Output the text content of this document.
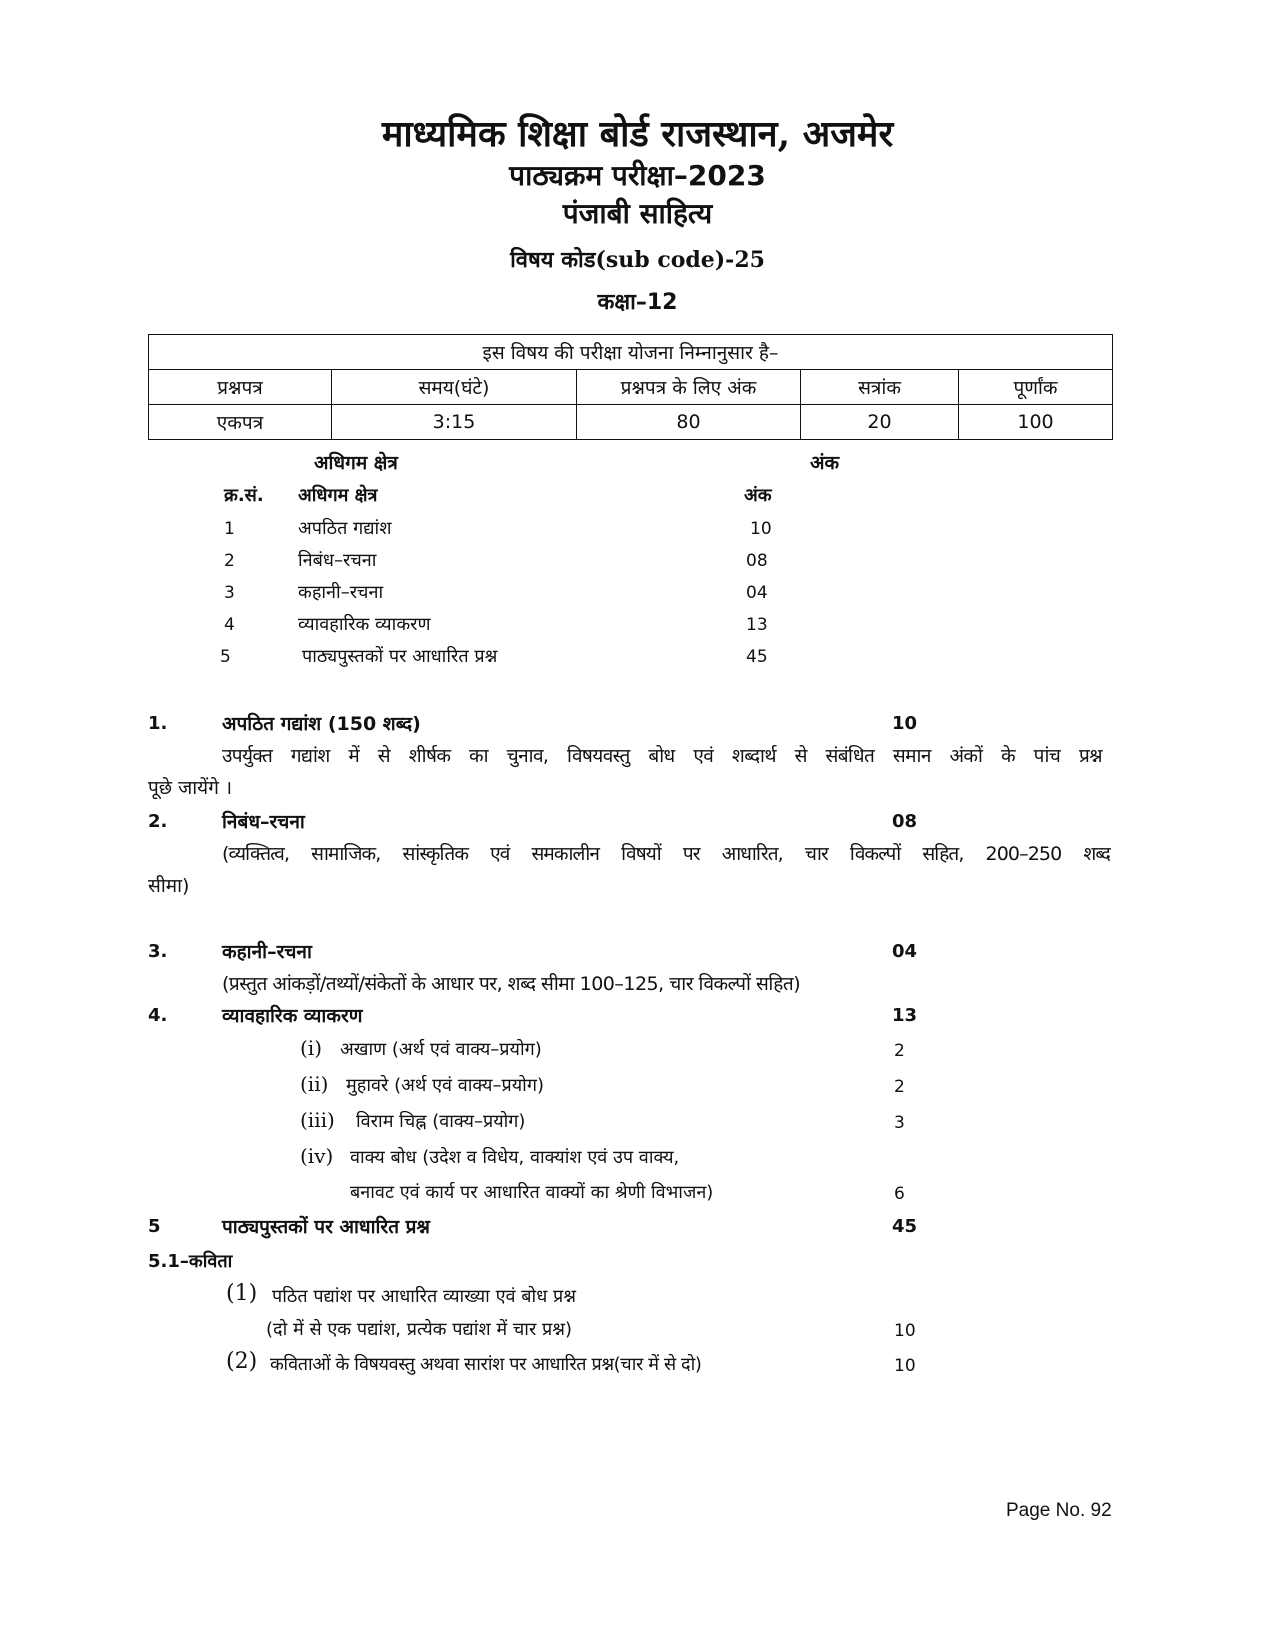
माध्यमिक शिक्षा बोर्ड राजस्थान, अजमेर
पाठ्यक्रम परीक्षा–2023
पंजाबी साहित्य
विषय कोड(sub code)-25
कक्षा–12
इस विषय की परीक्षा योजना निम्नानुसार है–				
प्रश्नपत्र	समय(घंटे)	प्रश्नपत्र के लिए अंक	सत्रांक	पूर्णांक
एकपत्र	3:15	80	20	100
अधिगम क्षेत्र	अंक
क्र.सं. अधिगम क्षेत्र	अंक
1	अपठित गद्यांश	10
2	निबंध–रचना	08
3	कहानी–रचना	04
4	व्यावहारिक व्याकरण	13
5	पाठ्यपुस्तकों पर आधारित प्रश्न	45
1.	अपठित गद्यांश (150 शब्द)	10
उपर्युक्त गद्यांश में से शीर्षक का चुनाव, विषयवस्तु बोध एवं शब्दार्थ से संबंधित समान अंकों के पांच प्रश्न
पूछे जायेंगे ।
2.	निबंध–रचना	08
(व्यक्तित्व, सामाजिक, सांस्कृतिक एवं समकालीन विषयों पर आधारित, चार विकल्पों सहित, 200–250 शब्द
सीमा)
3.	कहानी–रचना	04
(प्रस्तुत आंकड़ों/तथ्यों/संकेतों के आधार पर, शब्द सीमा 100–125, चार विकल्पों सहित)
4.	व्यावहारिक व्याकरण	13
(i) अखाण (अर्थ एवं वाक्य–प्रयोग)	2
(ii) मुहावरे (अर्थ एवं वाक्य–प्रयोग)	2
(iii) विराम चिह्न (वाक्य–प्रयोग)	3
(iv) वाक्य बोध (उदेश व विधेय, वाक्यांश एवं उप वाक्य,
बनावट एवं कार्य पर आधारित वाक्यों का श्रेणी विभाजन)	6
5	पाठ्यपुस्तकों पर आधारित प्रश्न	45
5.1–कविता
(1) पठित पद्यांश पर आधारित व्याख्या एवं बोध प्रश्न
(दो में से एक पद्यांश, प्रत्येक पद्यांश में चार प्रश्न)	10
(2) कविताओं के विषयवस्तु अथवा सारांश पर आधारित प्रश्न(चार में से दो)	10
Page No. 92
